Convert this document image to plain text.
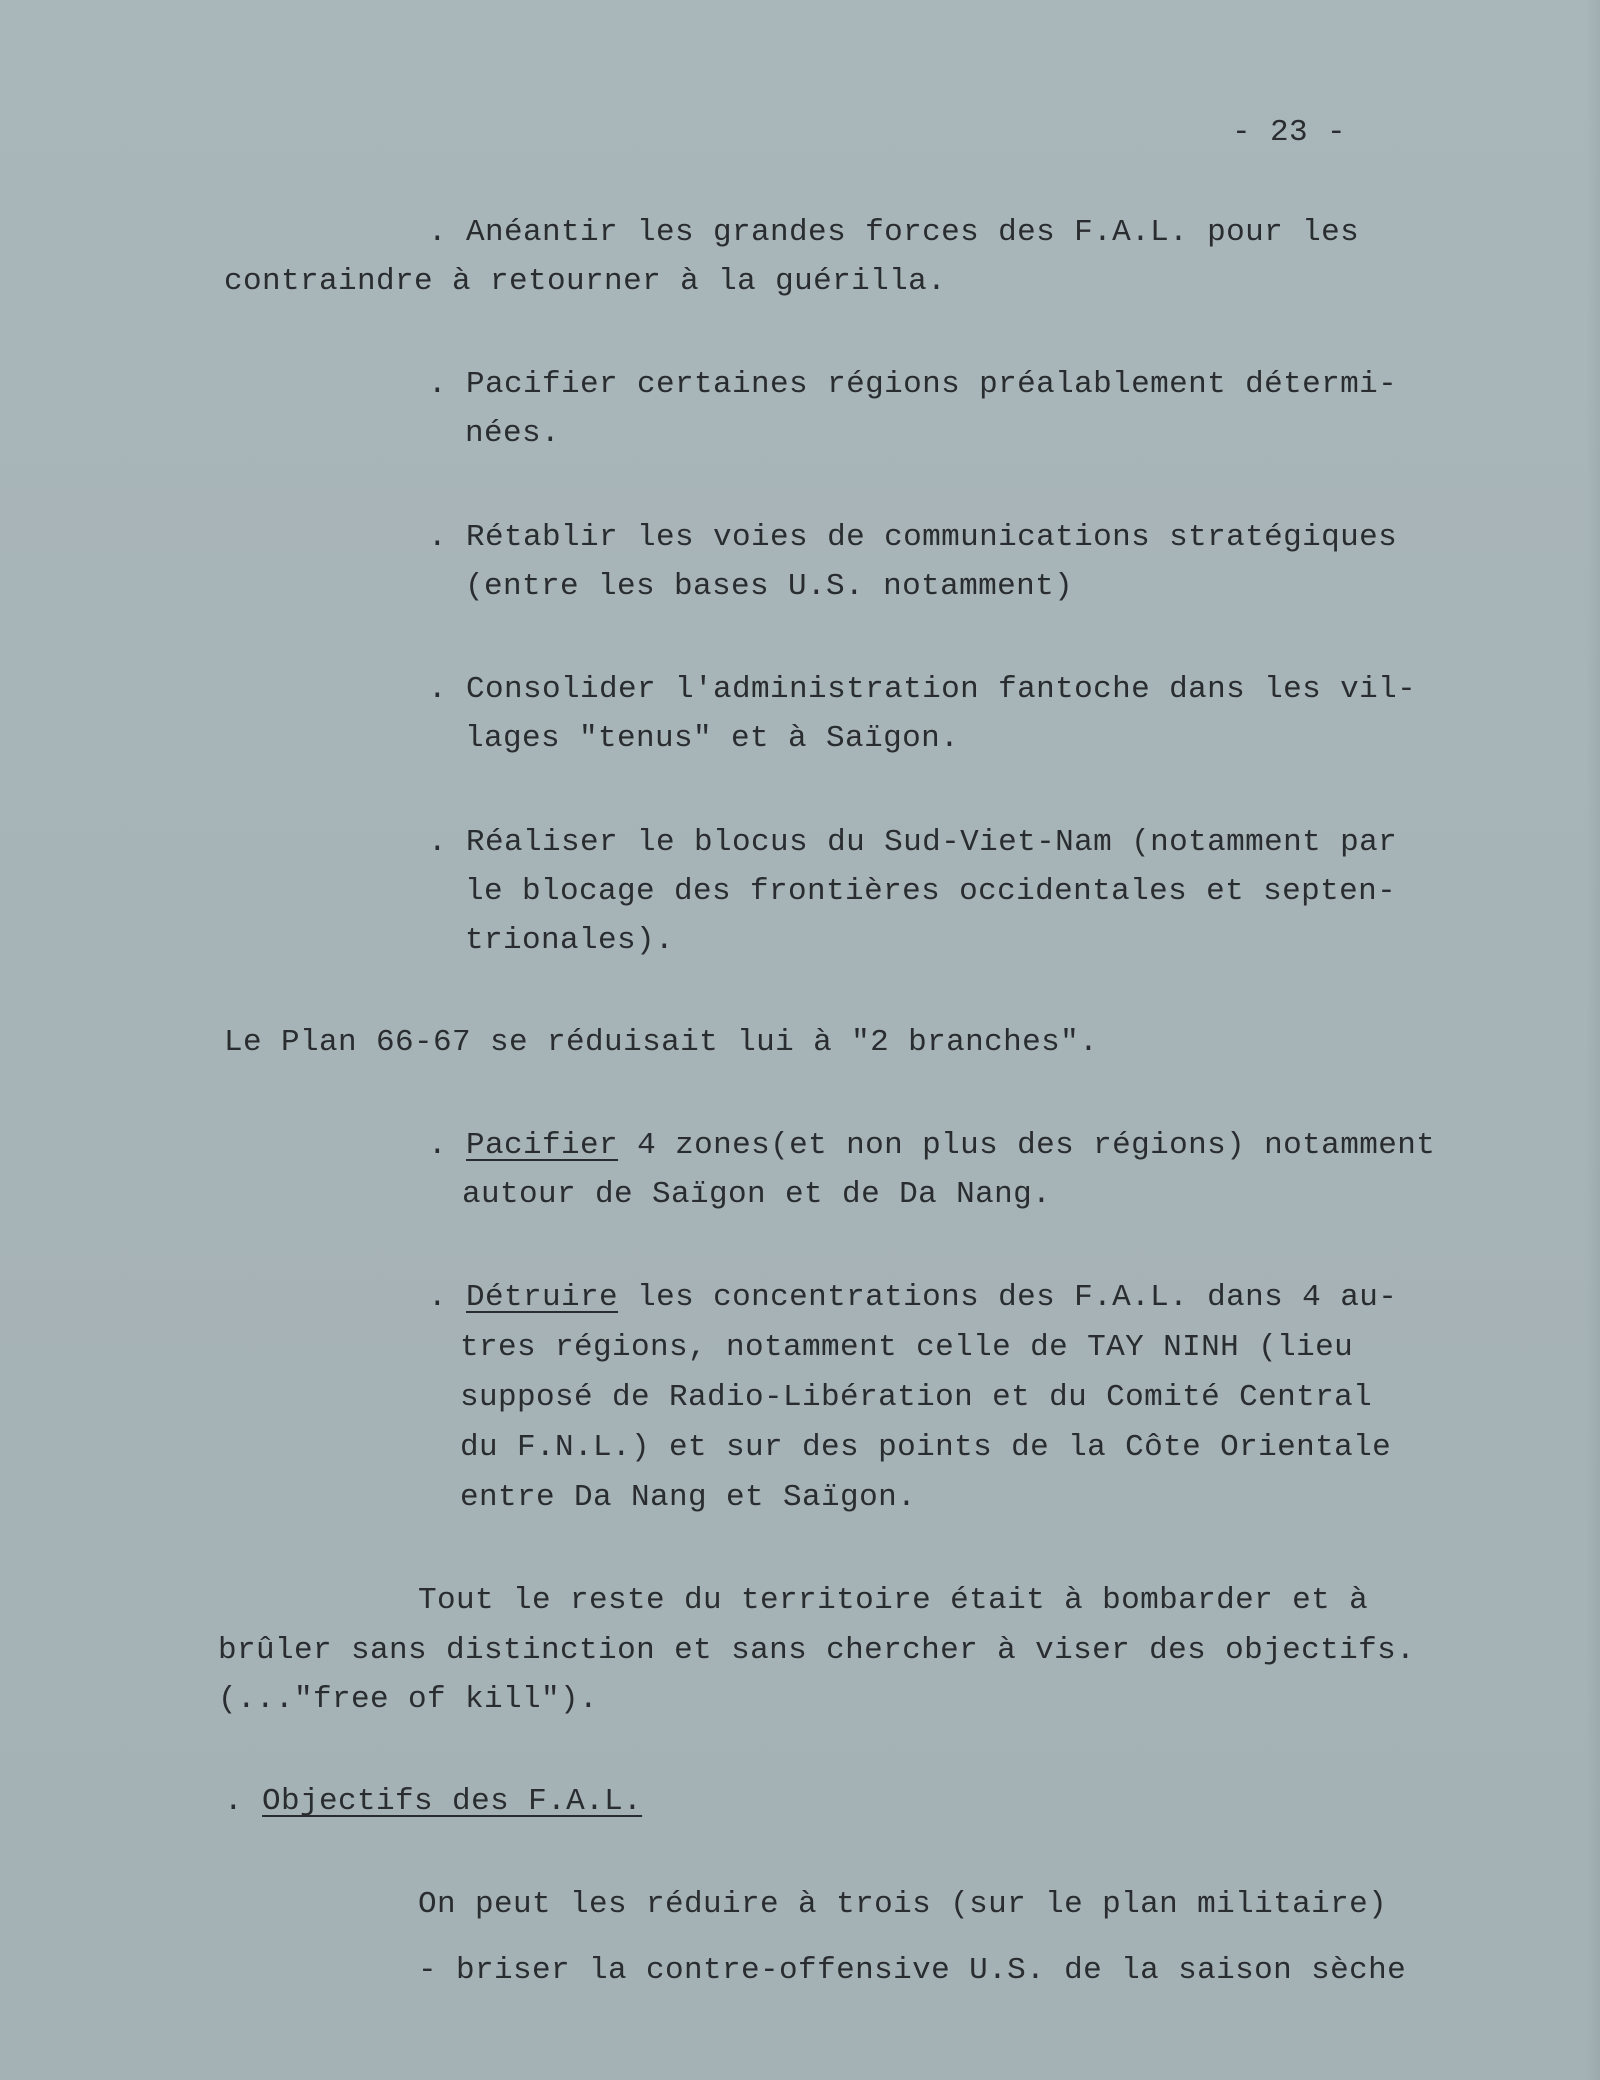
- 23 -
. Anéantir les grandes forces des F.A.L. pour les
contraindre à retourner à la guérilla.
. Pacifier certaines régions préalablement détermi-
nées.
. Rétablir les voies de communications stratégiques
(entre les bases U.S. notamment)
. Consolider l'administration fantoche dans les vil-
lages "tenus" et à Saïgon.
. Réaliser le blocus du Sud-Viet-Nam (notamment par
le blocage des frontières occidentales et septen-
trionales).
Le Plan 66-67 se réduisait lui à "2 branches".
. Pacifier 4 zones(et non plus des régions) notamment
autour de Saïgon et de Da Nang.
. Détruire les concentrations des F.A.L. dans 4 au-
tres régions, notamment celle de TAY NINH (lieu
supposé de Radio-Libération et du Comité Central
du F.N.L.) et sur des points de la Côte Orientale
entre Da Nang et Saïgon.
Tout le reste du territoire était à bombarder et à
brûler sans distinction et sans chercher à viser des objectifs.
(..."free of kill").
. Objectifs des F.A.L.
On peut les réduire à trois (sur le plan militaire)
- briser la contre-offensive U.S. de la saison sèche
